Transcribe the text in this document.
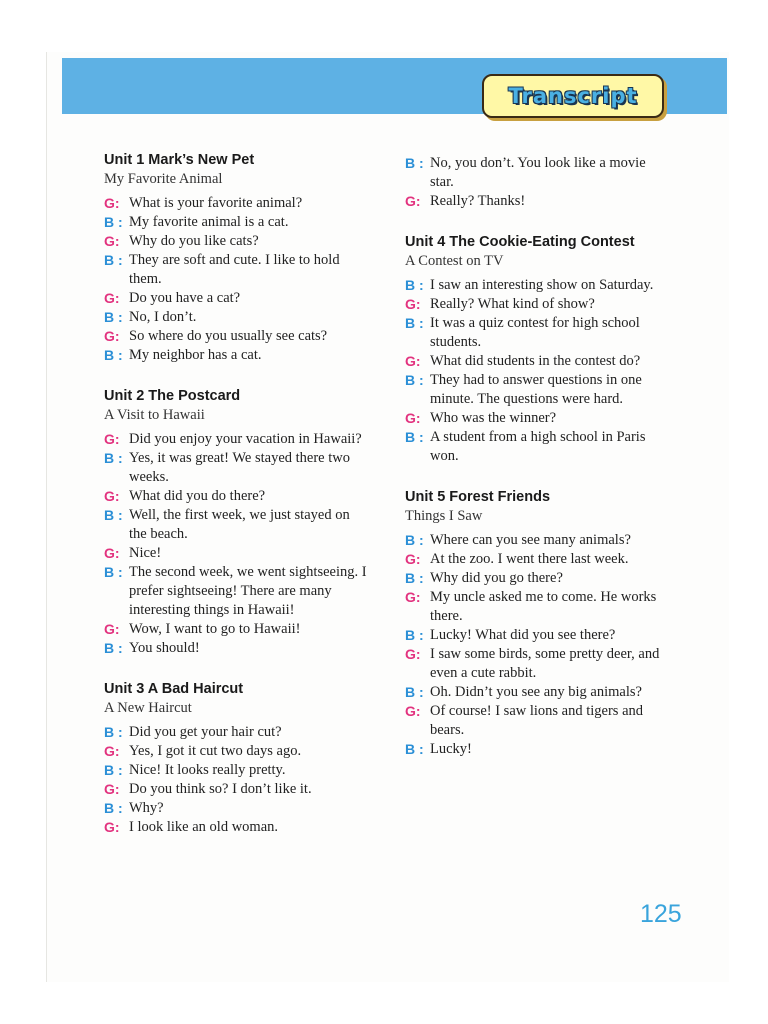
Transcript
Unit 1 Mark’s New Pet
My Favorite Animal
G: What is your favorite animal?
B : My favorite animal is a cat.
G: Why do you like cats?
B : They are soft and cute. I like to hold them.
G: Do you have a cat?
B : No, I don’t.
G: So where do you usually see cats?
B : My neighbor has a cat.
Unit 2 The Postcard
A Visit to Hawaii
G: Did you enjoy your vacation in Hawaii?
B : Yes, it was great! We stayed there two weeks.
G: What did you do there?
B : Well, the first week, we just stayed on the beach.
G: Nice!
B : The second week, we went sightseeing. I prefer sightseeing! There are many interesting things in Hawaii!
G: Wow, I want to go to Hawaii!
B : You should!
Unit 3 A Bad Haircut
A New Haircut
B : Did you get your hair cut?
G: Yes, I got it cut two days ago.
B : Nice! It looks really pretty.
G: Do you think so? I don’t like it.
B : Why?
G: I look like an old woman.
B : No, you don’t. You look like a movie star.
G: Really? Thanks!
Unit 4 The Cookie-Eating Contest
A Contest on TV
B : I saw an interesting show on Saturday.
G: Really? What kind of show?
B : It was a quiz contest for high school students.
G: What did students in the contest do?
B : They had to answer questions in one minute. The questions were hard.
G: Who was the winner?
B : A student from a high school in Paris won.
Unit 5 Forest Friends
Things I Saw
B : Where can you see many animals?
G: At the zoo. I went there last week.
B : Why did you go there?
G: My uncle asked me to come. He works there.
B : Lucky! What did you see there?
G: I saw some birds, some pretty deer, and even a cute rabbit.
B : Oh. Didn’t you see any big animals?
G: Of course! I saw lions and tigers and bears.
B : Lucky!
125
